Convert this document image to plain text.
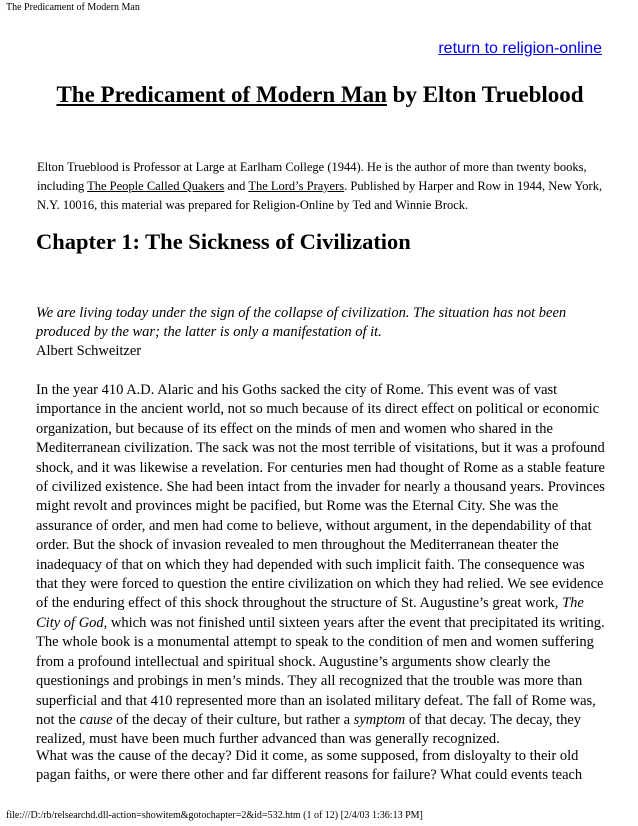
The Predicament of Modern Man
return to religion-online
The Predicament of Modern Man by Elton Trueblood

Elton Trueblood is Professor at Large at Earlham College (1944). He is the author of more than twenty books, including The People Called Quakers and The Lord’s Prayers. Published by Harper and Row in 1944, New York, N.Y. 10016, this material was prepared for Religion-Online by Ted and Winnie Brock.

Chapter 1: The Sickness of Civilization

We are living today under the sign of the collapse of civilization. The situation has not been produced by the war; the latter is only a manifestation of it.
Albert Schweitzer

In the year 410 A.D. Alaric and his Goths sacked the city of Rome. This event was of vast importance in the ancient world, not so much because of its direct effect on political or economic organization, but because of its effect on the minds of men and women who shared in the Mediterranean civilization. The sack was not the most terrible of visitations, but it was a profound shock, and it was likewise a revelation. For centuries men had thought of Rome as a stable feature of civilized existence. She had been intact from the invader for nearly a thousand years. Provinces might revolt and provinces might be pacified, but Rome was the Eternal City. She was the assurance of order, and men had come to believe, without argument, in the dependability of that order. But the shock of invasion revealed to men throughout the Mediterranean theater the inadequacy of that on which they had depended with such implicit faith. The consequence was that they were forced to question the entire civilization on which they had relied. We see evidence of the enduring effect of this shock throughout the structure of St. Augustine’s great work, The City of God, which was not finished until sixteen years after the event that precipitated its writing. The whole book is a monumental attempt to speak to the condition of men and women suffering from a profound intellectual and spiritual shock. Augustine’s arguments show clearly the questionings and probings in men’s minds. They all recognized that the trouble was more than superficial and that 410 represented more than an isolated military defeat. The fall of Rome was, not the cause of the decay of their culture, but rather a symptom of that decay. The decay, they realized, must have been much further advanced than was generally recognized.

What was the cause of the decay? Did it come, as some supposed, from disloyalty to their old pagan faiths, or were there other and far different reasons for failure? What could events teach

file:///D:/rb/relsearchd.dll-action=showitem&gotochapter=2&id=532.htm (1 of 12) [2/4/03 1:36:13 PM]
